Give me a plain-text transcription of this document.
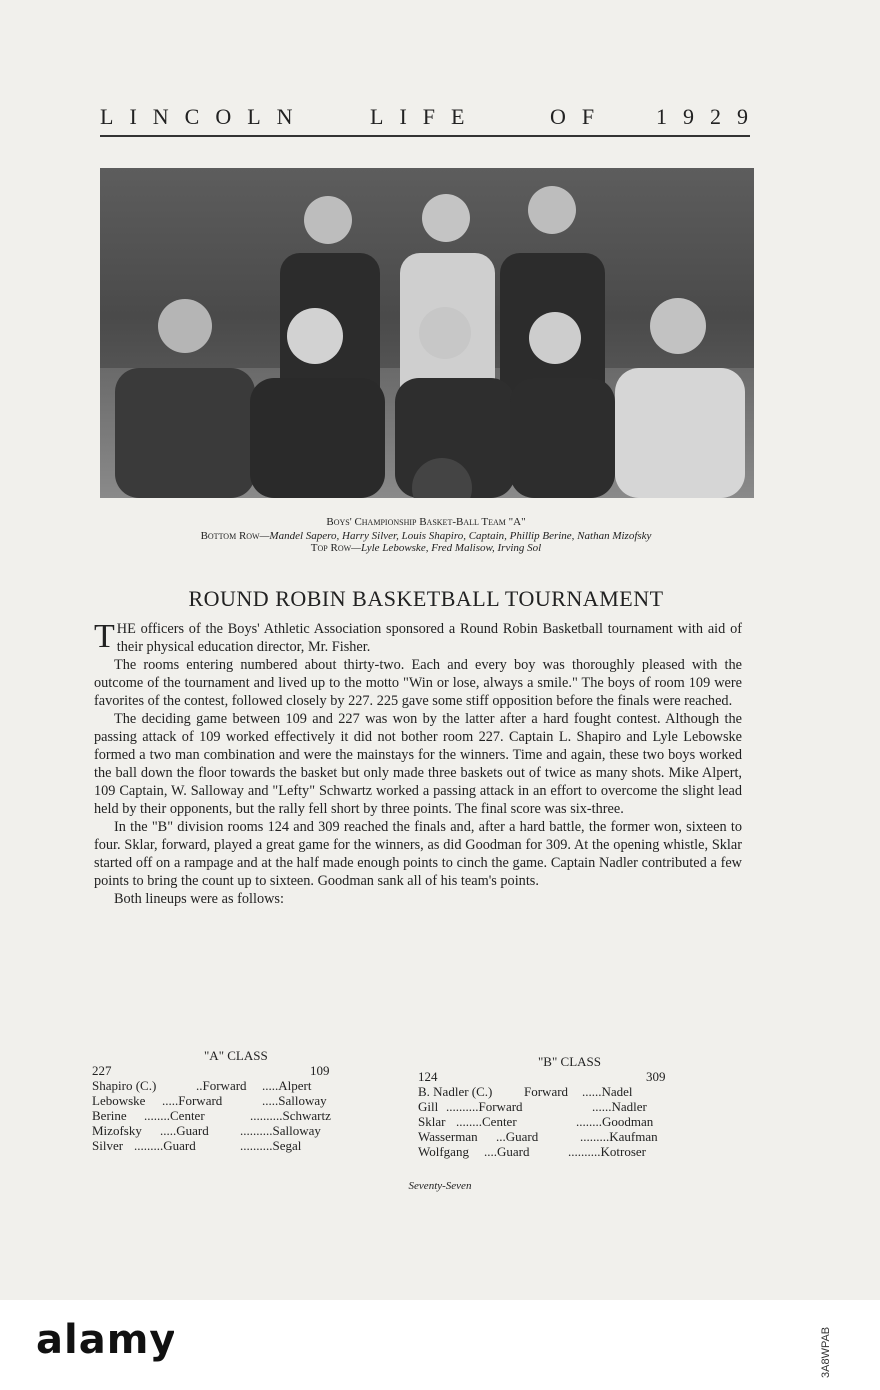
LINCOLN	LIFE	OF 1929
Boys' Championship Basket-Ball Team "A"
Bottom Row—Mandel Sapero, Harry Silver, Louis Shapiro, Captain, Phillip Berine, Nathan Mizofsky
Top Row—Lyle Lebowske, Fred Malisow, Irving Sol
ROUND ROBIN BASKETBALL TOURNAMENT

THE officers of the Boys' Athletic Association sponsored a Round Robin Basketball tournament with aid of their physical education director, Mr. Fisher.

The rooms entering numbered about thirty-two. Each and every boy was thoroughly pleased with the outcome of the tournament and lived up to the motto "Win or lose, always a smile." The boys of room 109 were favorites of the contest, followed closely by 227. 225 gave some stiff opposition before the finals were reached.

The deciding game between 109 and 227 was won by the latter after a hard fought contest. Although the passing attack of 109 worked effectively it did not bother room 227. Captain L. Shapiro and Lyle Lebowske formed a two man combination and were the mainstays for the winners. Time and again, these two boys worked the ball down the floor towards the basket but only made three baskets out of twice as many shots. Mike Alpert, 109 Captain, W. Salloway and "Lefty" Schwartz worked a passing attack in an effort to overcome the slight lead held by their opponents, but the rally fell short by three points. The final score was six-three.

In the "B" division rooms 124 and 309 reached the finals and, after a hard battle, the former won, sixteen to four. Sklar, forward, played a great game for the winners, as did Goodman for 309. At the opening whistle, Sklar started off on a rampage and at the half made enough points to cinch the game. Captain Nadler contributed a few points to bring the count up to sixteen. Goodman sank all of his team's points.

Both lineups were as follows:

"A" CLASS
227	109
Shapiro (C.)	..Forward .....Alpert
Lebowske .....Forward	.....Salloway
Berine ........Center	..........Schwartz
Mizofsky .....Guard ..........Salloway
Silver .........Guard	..........Segal
"B" CLASS
124	309
B. Nadler (C.) Forward ......Nadel
Gill ..........Forward	......Nadler
Sklar ........Center	........Goodman
Wasserman ...Guard	.........Kaufman
Wolfgang ....Guard	..........Kotroser
Seventy-Seven
alamy	3A8WPAB
